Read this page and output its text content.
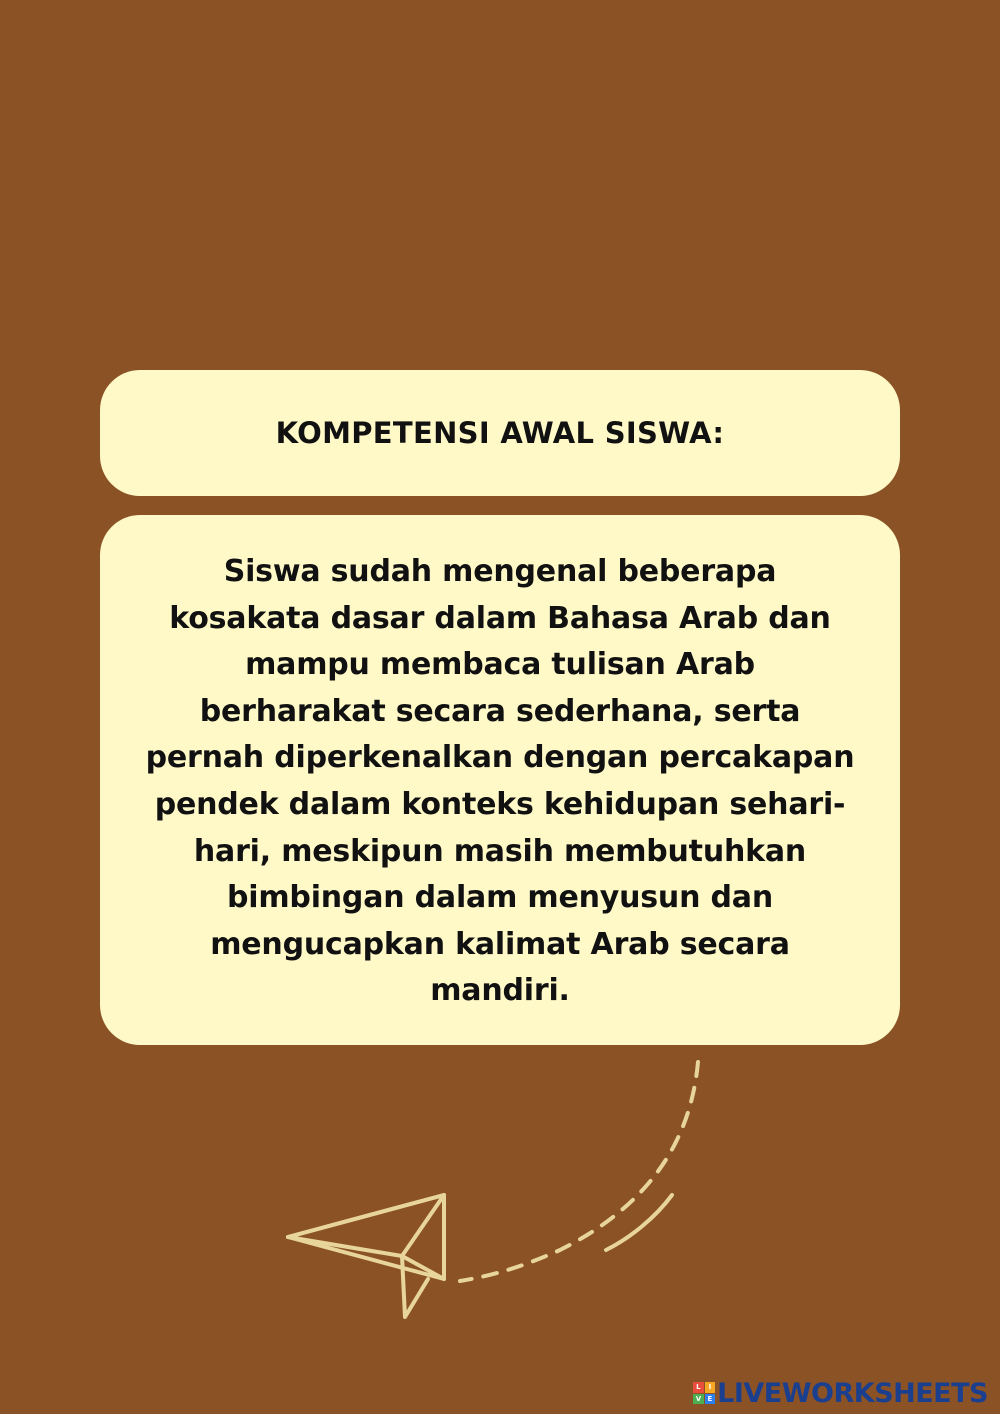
KOMPETENSI AWAL SISWA:

Siswa sudah mengenal beberapa
kosakata dasar dalam Bahasa Arab dan
mampu membaca tulisan Arab
berharakat secara sederhana, serta
pernah diperkenalkan dengan percakapan
pendek dalam konteks kehidupan sehari-
hari, meskipun masih membutuhkan
bimbingan dalam menyusun dan
mengucapkan kalimat Arab secara
mandiri.

L	I
V E LIVEWORKSHEETS
